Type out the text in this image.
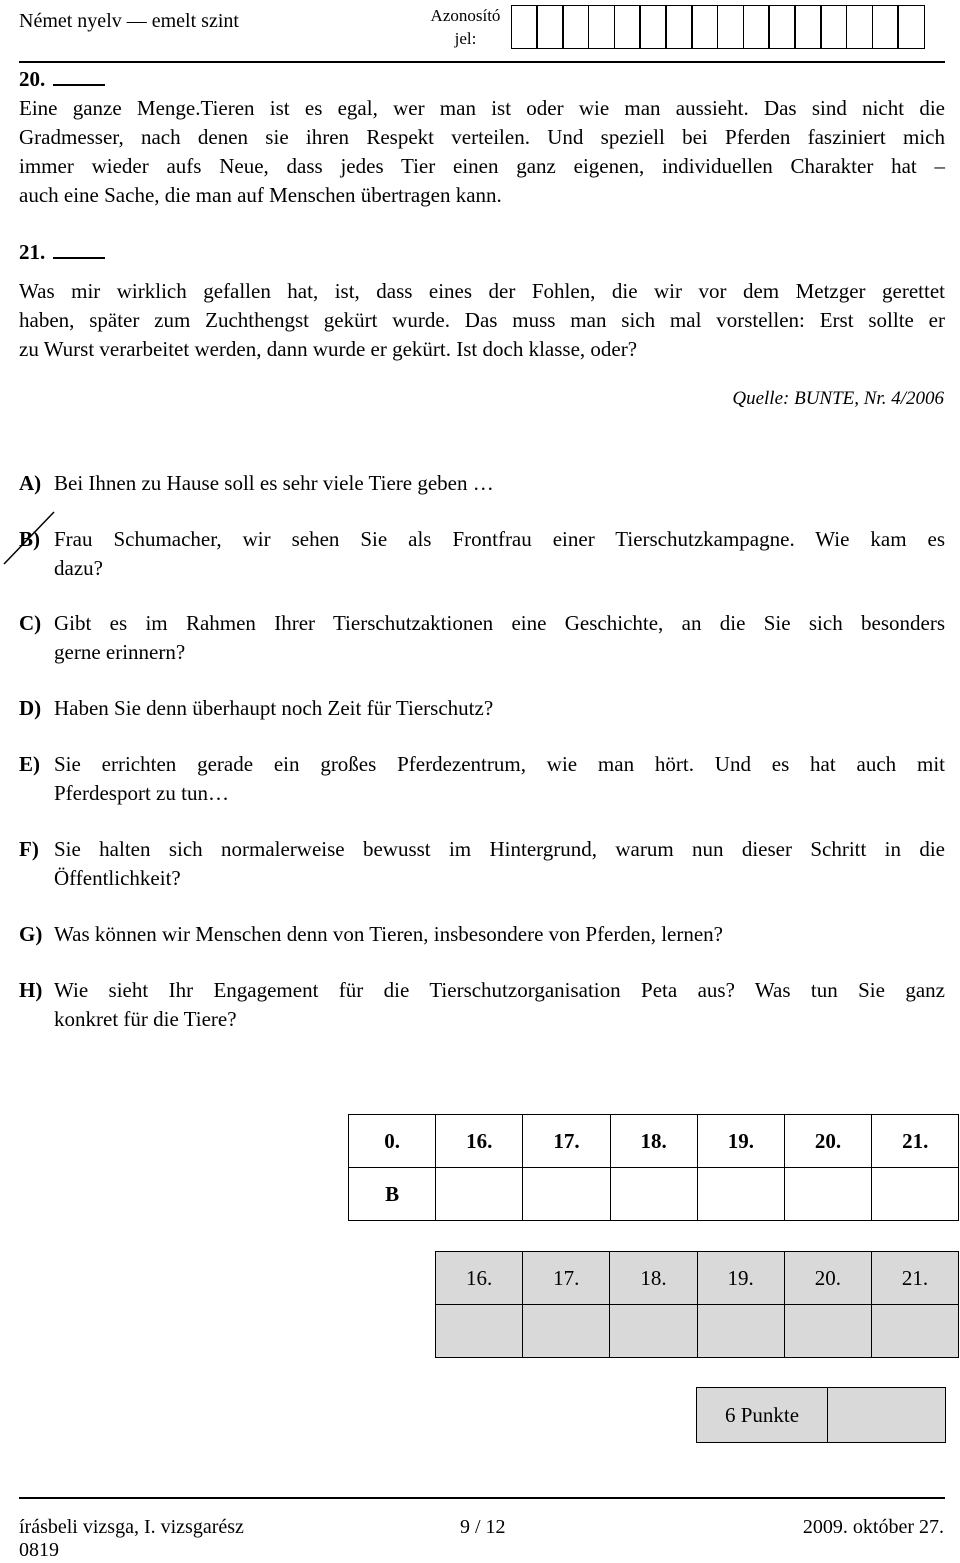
Német nyelv — emelt szint	Azonosító
jel:
20.
Eine ganze Menge.Tieren ist es egal, wer man ist oder wie man aussieht. Das sind nicht die
Gradmesser, nach denen sie ihren Respekt verteilen. Und speziell bei Pferden fasziniert mich
immer wieder aufs Neue, dass jedes Tier einen ganz eigenen, individuellen Charakter hat –
auch eine Sache, die man auf Menschen übertragen kann.
21.
Was mir wirklich gefallen hat, ist, dass eines der Fohlen, die wir vor dem Metzger gerettet
haben, später zum Zuchthengst gekürt wurde. Das muss man sich mal vorstellen: Erst sollte er
zu Wurst verarbeitet werden, dann wurde er gekürt. Ist doch klasse, oder?
Quelle: BUNTE, Nr. 4/2006
A) Bei Ihnen zu Hause soll es sehr viele Tiere geben …
B) Frau Schumacher, wir sehen Sie als Frontfrau einer Tierschutzkampagne. Wie kam es
dazu?
C) Gibt es im Rahmen Ihrer Tierschutzaktionen eine Geschichte, an die Sie sich besonders
gerne erinnern?
D) Haben Sie denn überhaupt noch Zeit für Tierschutz?
E) Sie errichten gerade ein großes Pferdezentrum, wie man hört. Und es hat auch mit
Pferdesport zu tun…
F) Sie halten sich normalerweise bewusst im Hintergrund, warum nun dieser Schritt in die
Öffentlichkeit?
G) Was können wir Menschen denn von Tieren, insbesondere von Pferden, lernen?
H) Wie sieht Ihr Engagement für die Tierschutzorganisation Peta aus? Was tun Sie ganz
konkret für die Tiere?
0.	16.	17.	18.	19.	20.	21.
B						
16.	17.	18.	19.	20.	21.

6 Punkte	
írásbeli vizsga, I. vizsgarész
0819
9 / 12	2009. október 27.
